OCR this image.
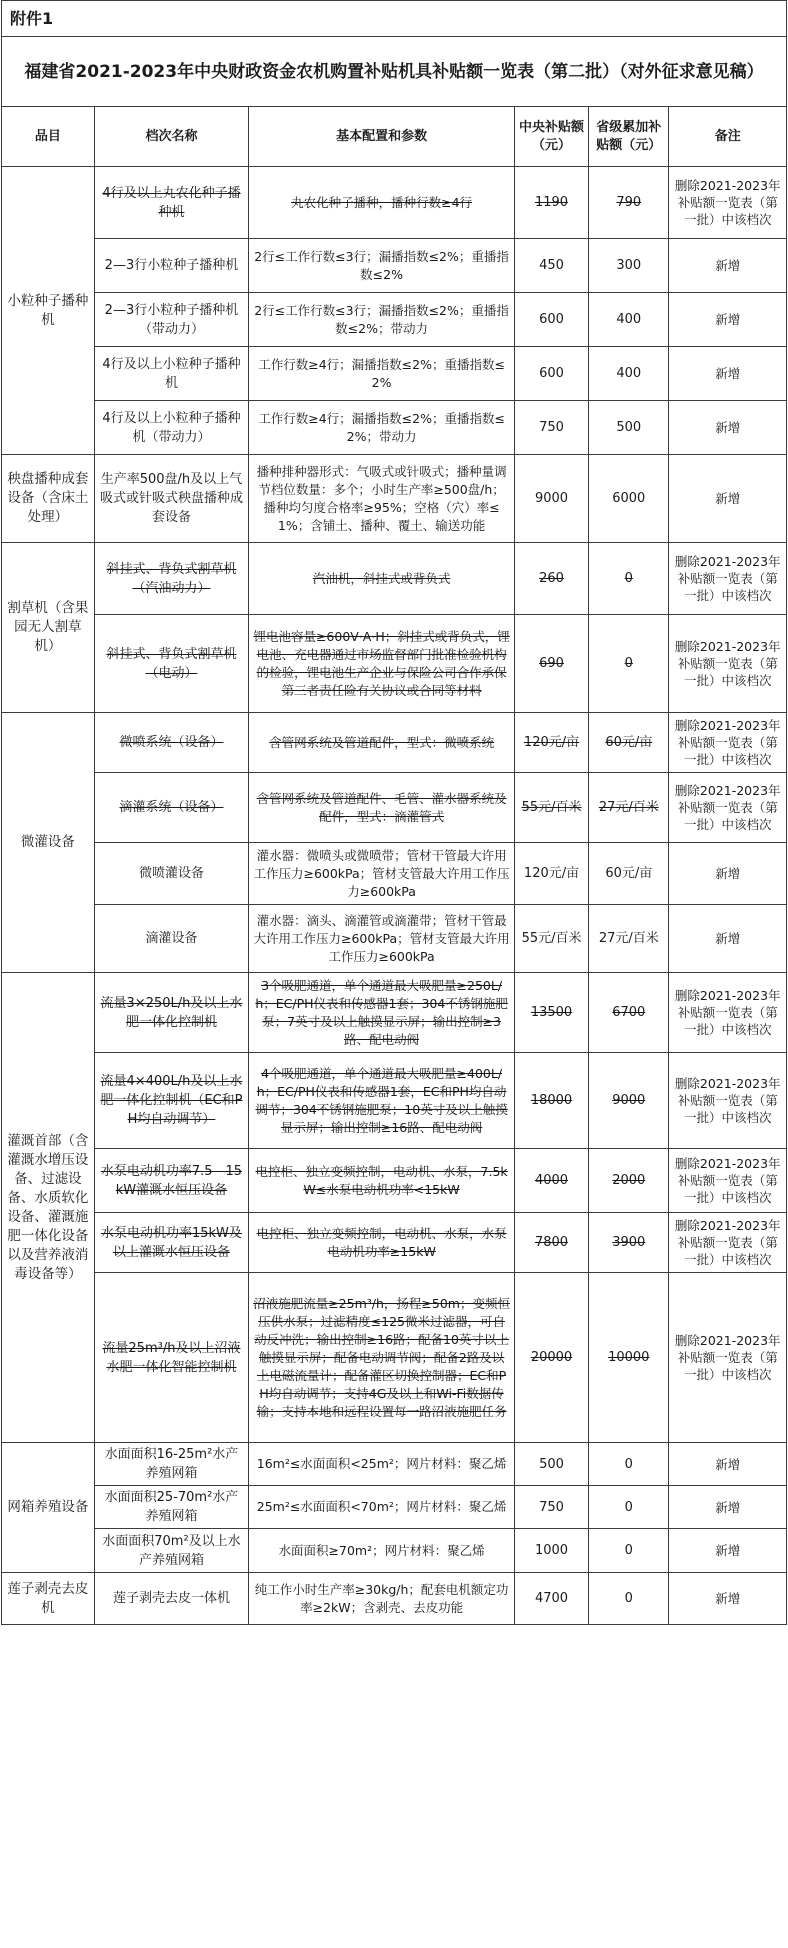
附件1					
福建省2021-2023年中央财政资金农机购置补贴机具补贴额一览表（第二批）（对外征求意见稿）					
品目	档次名称	基本配置和参数	中央补贴额（元）	省级累加补贴额（元）	备注
小粒种子播种机	4行及以上丸农化种子播种机	丸农化种子播种，播种行数≥4行	1190	790	删除2021-2023年补贴额一览表（第一批）中该档次
	2—3行小粒种子播种机	2行≤工作行数≤3行；漏播指数≤2%；重播指数≤2%	450	300	新增
	2—3行小粒种子播种机（带动力）	2行≤工作行数≤3行；漏播指数≤2%；重播指数≤2%；带动力	600	400	新增
	4行及以上小粒种子播种机	工作行数≥4行；漏播指数≤2%；重播指数≤2%	600	400	新增
	4行及以上小粒种子播种机（带动力）	工作行数≥4行；漏播指数≤2%；重播指数≤2%；带动力	750	500	新增
秧盘播种成套设备（含床土处理）	生产率500盘/h及以上气吸式或针吸式秧盘播种成套设备	播种排种器形式：气吸式或针吸式；播种量调节档位数量：多个；小时生产率≥500盘/h；播种均匀度合格率≥95%；空格（穴）率≤1%；含铺土、播种、覆土、输送功能	9000	6000	新增
割草机（含果园无人割草机）	斜挂式、背负式割草机（汽油动力）	汽油机，斜挂式或背负式	260	0	删除2021-2023年补贴额一览表（第一批）中该档次
	斜挂式、背负式割草机（电动）	锂电池容量≥600V·A·H；斜挂式或背负式，锂电池、充电器通过市场监督部门批准检验机构的检验，锂电池生产企业与保险公司合作承保第三者责任险有关协议或合同等材料	690	0	删除2021-2023年补贴额一览表（第一批）中该档次
微灌设备	微喷系统（设备）	含管网系统及管道配件，型式：微喷系统	120元/亩	60元/亩	删除2021-2023年补贴额一览表（第一批）中该档次
	滴灌系统（设备）	含管网系统及管道配件、毛管、灌水器系统及配件，型式：滴灌管式	55元/百米	27元/百米	删除2021-2023年补贴额一览表（第一批）中该档次
	微喷灌设备	灌水器：微喷头或微喷带；管材干管最大许用工作压力≥600kPa；管材支管最大许用工作压力≥600kPa	120元/亩	60元/亩	新增
	滴灌设备	灌水器：滴头、滴灌管或滴灌带；管材干管最大许用工作压力≥600kPa；管材支管最大许用工作压力≥600kPa	55元/百米	27元/百米	新增
灌溉首部（含灌溉水增压设备、过滤设备、水质软化设备、灌溉施肥一体化设备以及营养液消毒设备等）	流量3×250L/h及以上水肥一体化控制机	3个吸肥通道，单个通道最大吸肥量≥250L/h；EC/PH仪表和传感器1套；304不锈钢施肥泵；7英寸及以上触摸显示屏；输出控制≥3路、配电动阀	13500	6700	删除2021-2023年补贴额一览表（第一批）中该档次
	流量4×400L/h及以上水肥一体化控制机（EC和PH均自动调节）	4个吸肥通道，单个通道最大吸肥量≥400L/h；EC/PH仪表和传感器1套，EC和PH均自动调节；304不锈钢施肥泵；10英寸及以上触摸显示屏；输出控制≥16路、配电动阀	18000	9000	删除2021-2023年补贴额一览表（第一批）中该档次
	水泵电动机功率7.5—15kW灌溉水恒压设备	电控柜、独立变频控制，电动机、水泵，7.5kW≤水泵电动机功率<15kW	4000	2000	删除2021-2023年补贴额一览表（第一批）中该档次
	水泵电动机功率15kW及以上灌溉水恒压设备	电控柜、独立变频控制，电动机、水泵，水泵电动机功率≥15kW	7800	3900	删除2021-2023年补贴额一览表（第一批）中该档次
	流量25m³/h及以上沼液水肥一体化智能控制机	沼液施肥流量≥25m³/h，扬程≥50m；变频恒压供水泵；过滤精度≤125微米过滤器，可自动反冲洗；输出控制≥16路；配备10英寸以上触摸显示屏；配备电动调节阀；配备2路及以上电磁流量计；配备灌区切换控制器；EC和PH均自动调节；支持4G及以上和Wi-Fi数据传输；支持本地和远程设置每一路沼液施肥任务	20000	10000	删除2021-2023年补贴额一览表（第一批）中该档次
网箱养殖设备	水面面积16-25m²水产养殖网箱	16m²≤水面面积<25m²；网片材料：聚乙烯	500	0	新增
	水面面积25-70m²水产养殖网箱	25m²≤水面面积<70m²；网片材料：聚乙烯	750	0	新增
	水面面积70m²及以上水产养殖网箱	水面面积≥70m²；网片材料：聚乙烯	1000	0	新增
莲子剥壳去皮机	莲子剥壳去皮一体机	纯工作小时生产率≥30kg/h；配套电机额定功率≥2kW；含剥壳、去皮功能	4700	0	新增
